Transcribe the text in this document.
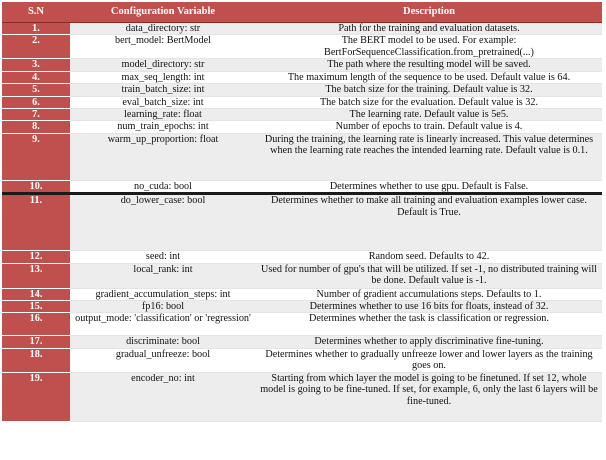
S.N	Configuration Variable	Description
1.	data_directory: str	Path for the training and evaluation datasets.
2.	bert_model: BertModel	The BERT model to be used. For example: BertForSequenceClassification.from_pretrained(...)
3.	model_directory: str	The path where the resulting model will be saved.
4.	max_seq_length: int	The maximum length of the sequence to be used. Default value is 64.
5.	train_batch_size: int	The batch size for the training. Default value is 32.
6.	eval_batch_size: int	The batch size for the evaluation. Default value is 32.
7.	learning_rate: float	The learning rate. Default value is 5e5.
8.	num_train_epochs: int	Number of epochs to train. Default value is 4.
9.	warm_up_proportion: float	During the training, the learning rate is linearly increased. This value determines when the learning rate reaches the intended learning rate. Default value is 0.1.
10.	no_cuda: bool	Determines whether to use gpu. Default is False.
11.	do_lower_case: bool	Determines whether to make all training and evaluation examples lower case. Default is True.
12.	seed: int	Random seed. Defaults to 42.
13.	local_rank: int	Used for number of gpu's that will be utilized. If set -1, no distributed training will be done. Default value is -1.
14.	gradient_accumulation_steps: int	Number of gradient accumulations steps. Defaults to 1.
15.	fp16: bool	Determines whether to use 16 bits for floats, instead of 32.
16.	output_mode: 'classification' or 'regression'	Determines whether the task is classification or regression.
17.	discriminate: bool	Determines whether to apply discriminative fine-tuning.
18.	gradual_unfreeze: bool	Determines whether to gradually unfreeze lower and lower layers as the training goes on.
19.	encoder_no: int	Starting from which layer the model is going to be finetuned. If set 12, whole model is going to be fine-tuned. If set, for example, 6, only the last 6 layers will be fine-tuned.
